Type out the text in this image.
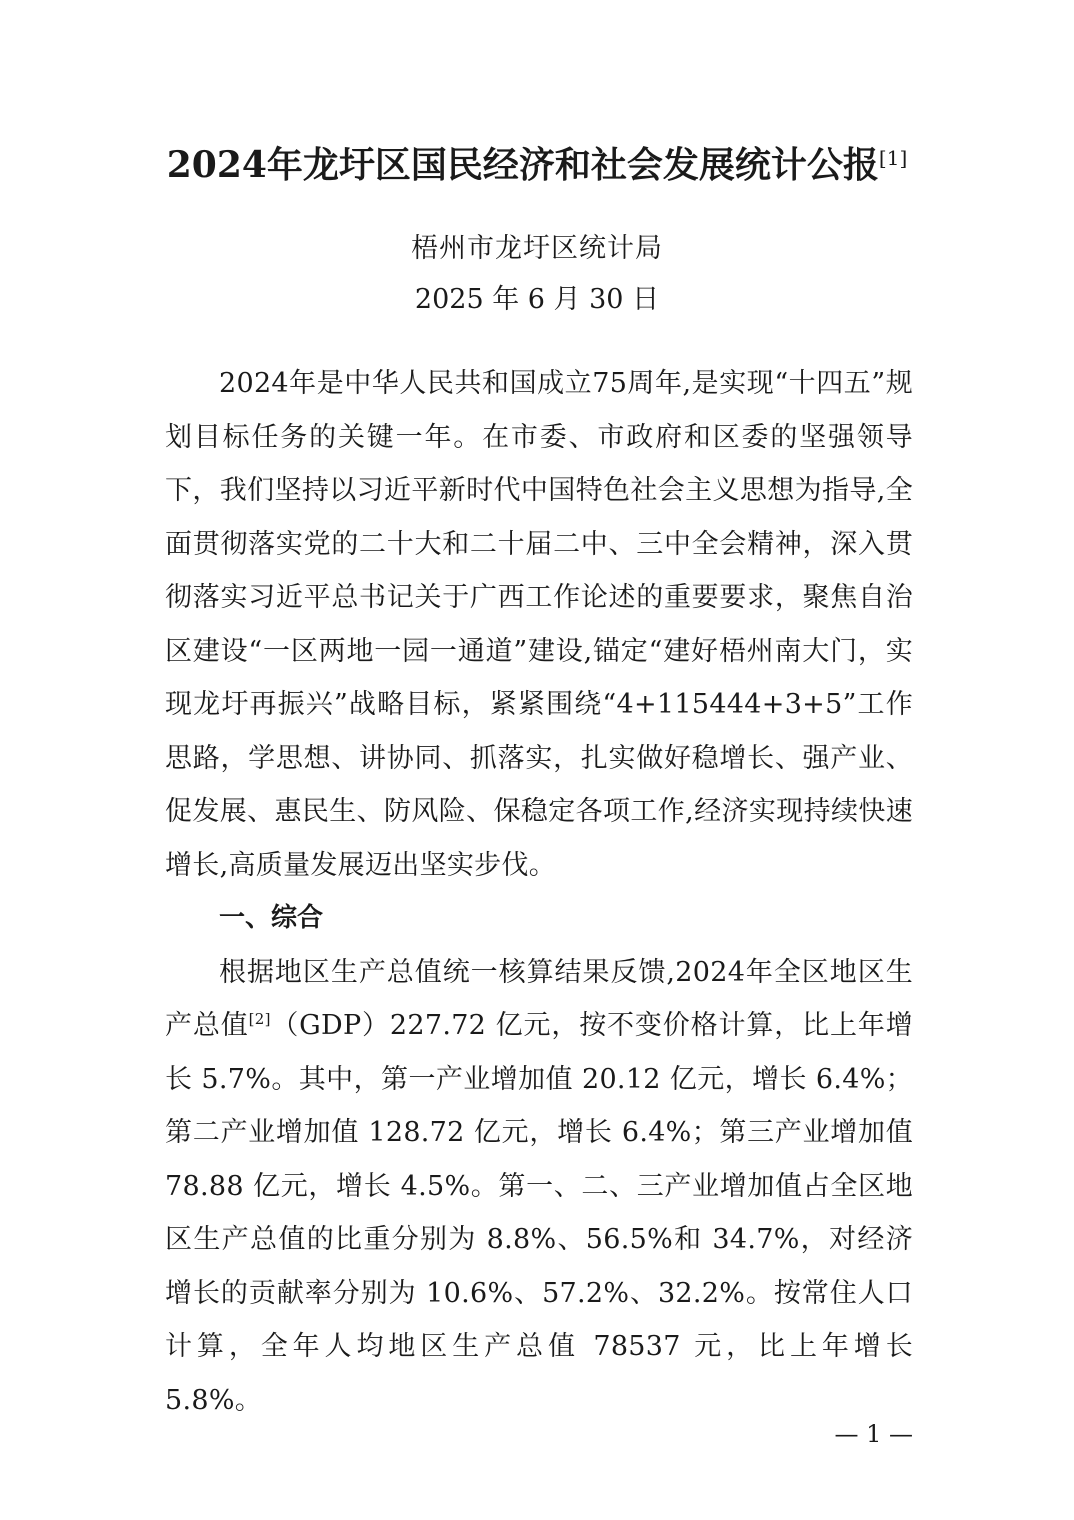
2024年龙圩区国民经济和社会发展统计公报[1]
梧州市龙圩区统计局
2025 年 6 月 30 日

2024年是中华人民共和国成立75周年,是实现“十四五”规划目标任务的关键一年。在市委、市政府和区委的坚强领导下，我们坚持以习近平新时代中国特色社会主义思想为指导,全面贯彻落实党的二十大和二十届二中、三中全会精神，深入贯彻落实习近平总书记关于广西工作论述的重要要求，聚焦自治区建设“一区两地一园一通道”建设,锚定“建好梧州南大门，实现龙圩再振兴”战略目标，紧紧围绕“4+115444+3+5”工作思路，学思想、讲协同、抓落实，扎实做好稳增长、强产业、促发展、惠民生、防风险、保稳定各项工作,经济实现持续快速增长,高质量发展迈出坚实步伐。

一、综合

根据地区生产总值统一核算结果反馈,2024年全区地区生产总值[2]（GDP）227.72 亿元，按不变价格计算，比上年增长 5.7%。其中，第一产业增加值 20.12 亿元，增长 6.4%；第二产业增加值 128.72 亿元，增长 6.4%；第三产业增加值 78.88 亿元，增长 4.5%。第一、二、三产业增加值占全区地区生产总值的比重分别为 8.8%、56.5%和 34.7%，对经济增长的贡献率分别为 10.6%、57.2%、32.2%。按常住人口计算，全年人均地区生产总值 78537 元，比上年增长 5.8%。

— 1 —
